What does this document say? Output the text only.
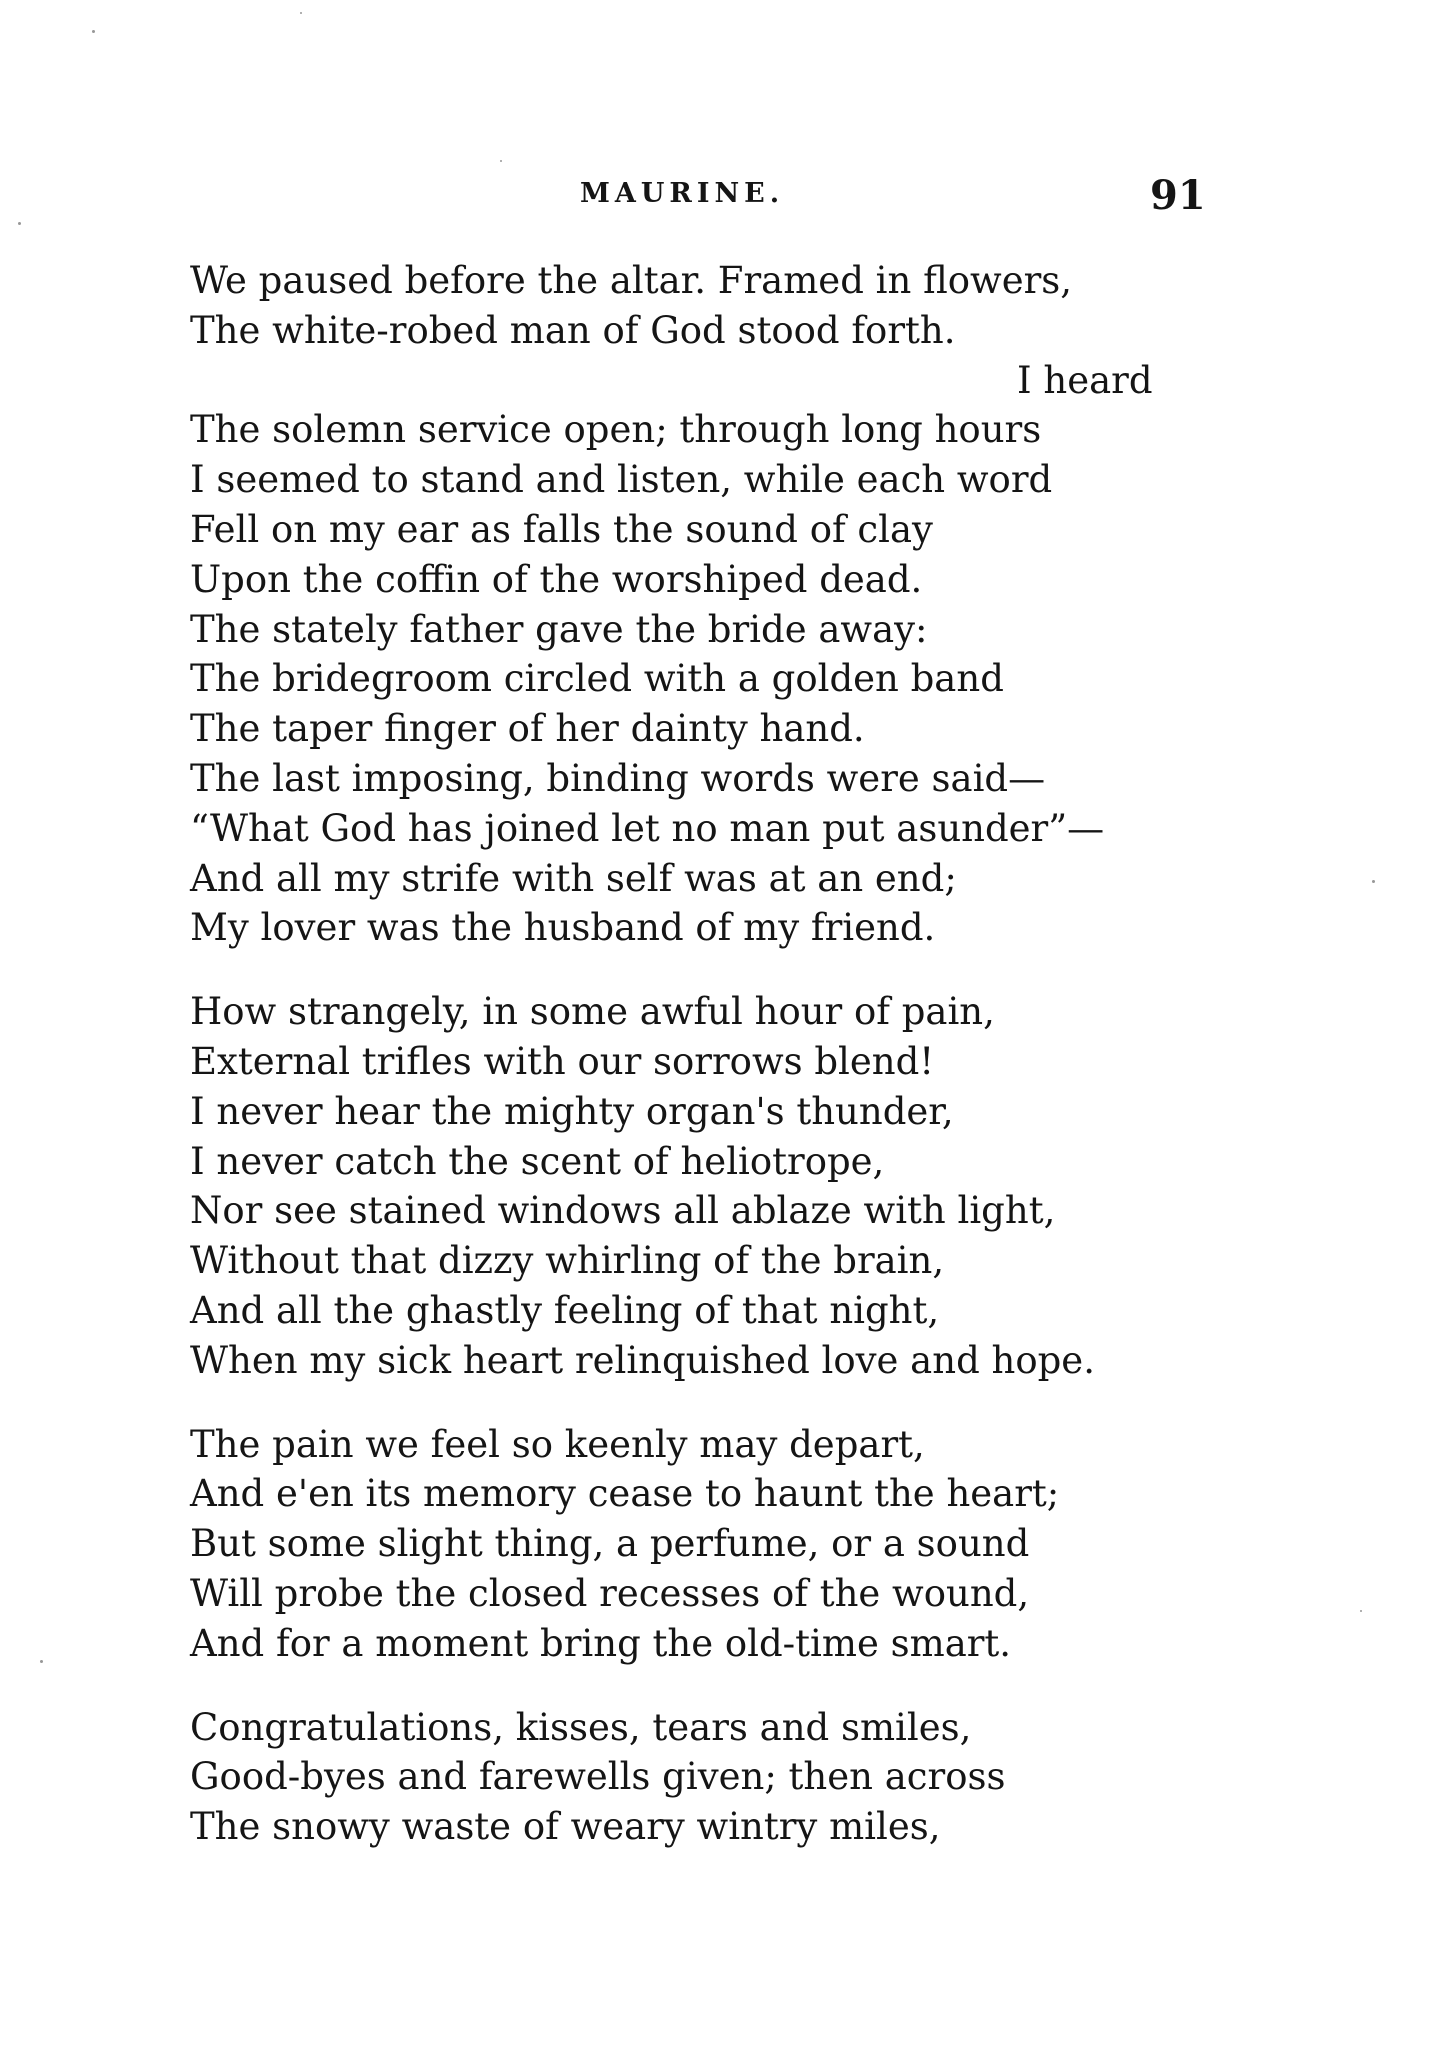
MAURINE.	91
We paused before the altar. Framed in flowers,
The white-robed man of God stood forth.
I heard
The solemn service open; through long hours
I seemed to stand and listen, while each word
Fell on my ear as falls the sound of clay
Upon the coffin of the worshiped dead.
The stately father gave the bride away:
The bridegroom circled with a golden band
The taper finger of her dainty hand.
The last imposing, binding words were said—
“What God has joined let no man put asunder”—
And all my strife with self was at an end;
My lover was the husband of my friend.
How strangely, in some awful hour of pain,
External trifles with our sorrows blend!
I never hear the mighty organ's thunder,
I never catch the scent of heliotrope,
Nor see stained windows all ablaze with light,
Without that dizzy whirling of the brain,
And all the ghastly feeling of that night,
When my sick heart relinquished love and hope.
The pain we feel so keenly may depart,
And e'en its memory cease to haunt the heart;
But some slight thing, a perfume, or a sound
Will probe the closed recesses of the wound,
And for a moment bring the old-time smart.
Congratulations, kisses, tears and smiles,
Good-byes and farewells given; then across
The snowy waste of weary wintry miles,
